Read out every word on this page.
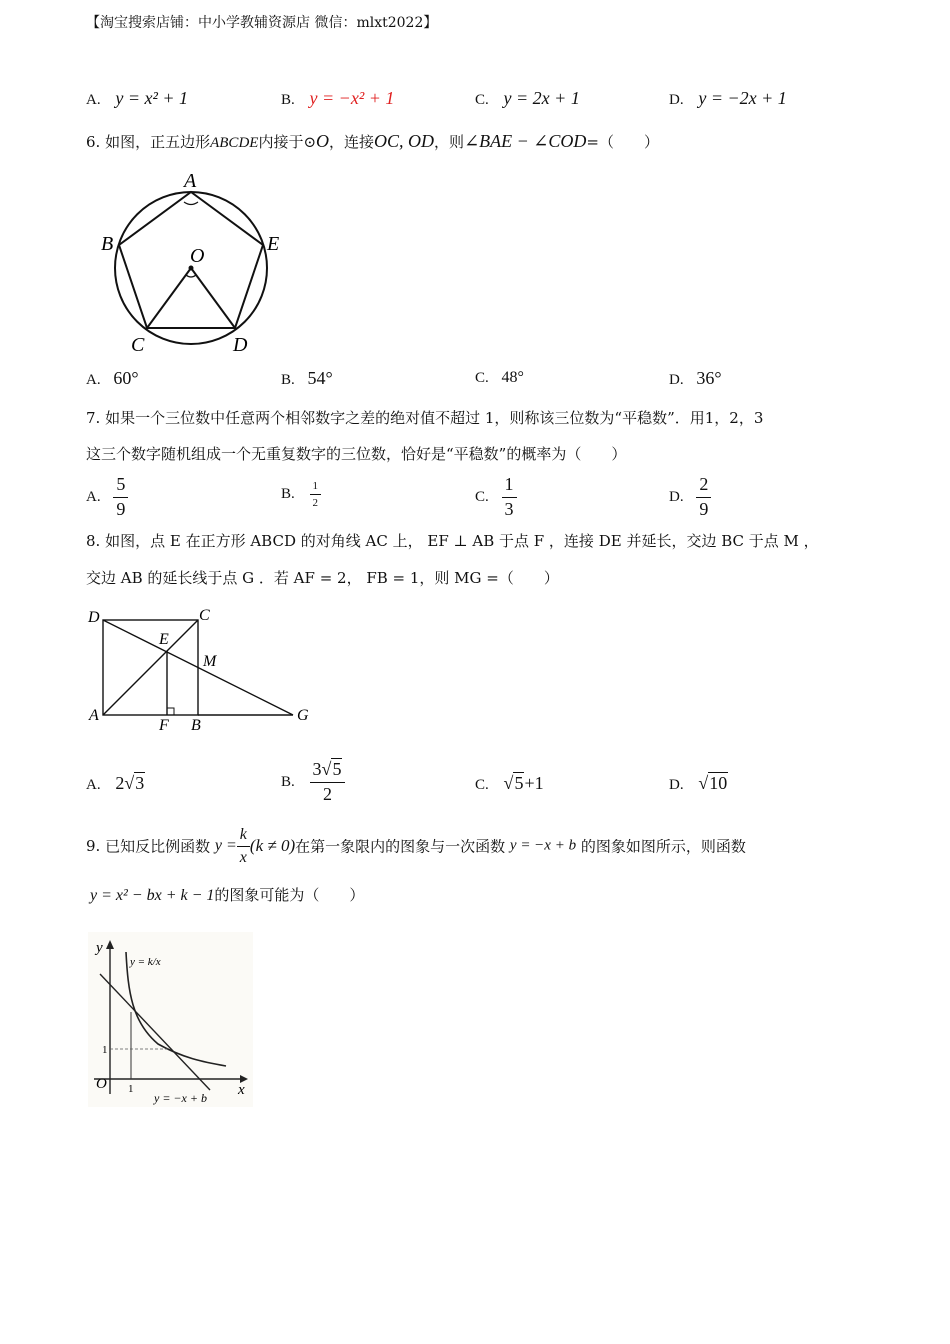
【淘宝搜索店铺：中小学教辅资源店 微信：mlxt2022】
A. y = x² + 1	B. y = −x² + 1	C. y = 2x + 1	D. y = −2x + 1
6. 如图，正五边形ABCDE内接于⊙O，连接OC, OD，则∠BAE − ∠COD=（　　）
A
B
C	D
E
O
A. 60°	B. 54°	C. 48°	D. 36°
7. 如果一个三位数中任意两个相邻数字之差的绝对值不超过 1，则称该三位数为“平稳数”．用1，2，3
这三个数字随机组成一个无重复数字的三位数，恰好是“平稳数”的概率为（　　）
A. $\frac{5}{9}$	B. $\frac{1}{2}$	C. $\frac{1}{3}$	D. $\frac{2}{9}$
8. 如图，点 E 在正方形 ABCD 的对角线 AC 上， EF ⊥ AB 于点 F ，连接 DE 并延长，交边 BC 于点 M ，
交边 AB 的延长线于点 G ．若 AF = 2， FB = 1，则 MG =（　　）
D	C
E
M
A
F B
G
A. 2√3	B. $\frac{3√5}{2}$	C. √5+1	D. √10
9. 已知反比例函数 $y = \frac{k}{x} (k \ne 0)$在第一象限内的图象与一次函数 y = −x + b 的图象如图所示，则函数
y = x² − bx + k − 1的图象可能为（　　）
y
x
O 1
1
y = k/x
y = −x + b
